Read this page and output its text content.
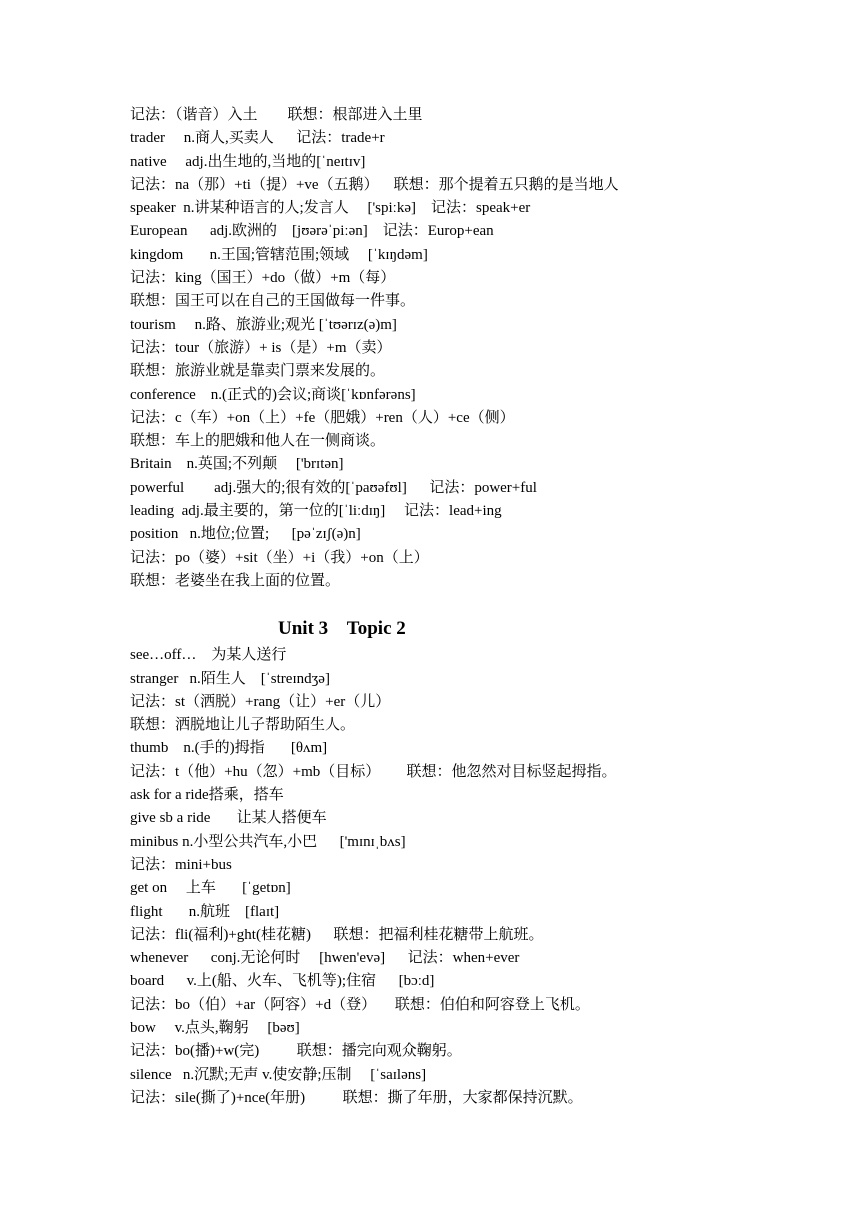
记法：（谐音）入土        联想：根部进入土里
trader     n.商人,买卖人      记法：trade+r
native     adj.出生地的,当地的[ˈneɪtɪv]
记法：na（那）+ti（提）+ve（五鹅）    联想：那个提着五只鹅的是当地人
speaker  n.讲某种语言的人;发言人     ['spiːkə]    记法：speak+er
European      adj.欧洲的    [jʊərəˈpiːən]    记法：Europ+ean
kingdom       n.王国;管辖范围;领域     [ˈkɪŋdəm]
记法：king（国王）+do（做）+m（每）
联想：国王可以在自己的王国做每一件事。
tourism     n.路、旅游业;观光 [ˈtʊərɪz(ə)m]
记法：tour（旅游）+ is（是）+m（卖）
联想：旅游业就是靠卖门票来发展的。
conference    n.(正式的)会议;商谈[ˈkɒnfərəns]
记法：c（车）+on（上）+fe（肥娥）+ren（人）+ce（侧）
联想：车上的肥娥和他人在一侧商谈。
Britain    n.英国;不列颠     ['brɪtən]
powerful        adj.强大的;很有效的[ˈpaʊəfʊl]      记法：power+ful
leading  adj.最主要的，第一位的[ˈliːdɪŋ]     记法：lead+ing
position   n.地位;位置;      [pəˈzɪʃ(ə)n]
记法：po（婆）+sit（坐）+i（我）+on（上）
联想：老婆坐在我上面的位置。
Unit 3    Topic 2
see…off…    为某人送行
stranger   n.陌生人    [ˈstreɪndʒə]
记法：st（洒脱）+rang（让）+er（儿）
联想：洒脱地让儿子帮助陌生人。
thumb    n.(手的)拇指       [θʌm]
记法：t（他）+hu（忽）+mb（目标）       联想：他忽然对目标竖起拇指。
ask for a ride搭乘，搭车
give sb a ride       让某人搭便车
minibus n.小型公共汽车,小巴      ['mɪnɪˌbʌs]
记法：mini+bus
get on     上车       [ˈgetɒn]
flight       n.航班    [flaɪt]
记法：fli(福利)+ght(桂花糖)      联想：把福利桂花糖带上航班。
whenever      conj.无论何时     [hwen'evə]      记法：when+ever
board      v.上(船、火车、飞机等);住宿      [bɔːd]
记法：bo（伯）+ar（阿容）+d（登）     联想：伯伯和阿容登上飞机。
bow     v.点头,鞠躬     [bəʊ]
记法：bo(播)+w(完)          联想：播完向观众鞠躬。
silence   n.沉默;无声 v.使安静;压制     [ˈsaɪləns]
记法：sile(撕了)+nce(年册)          联想：撕了年册，大家都保持沉默。
